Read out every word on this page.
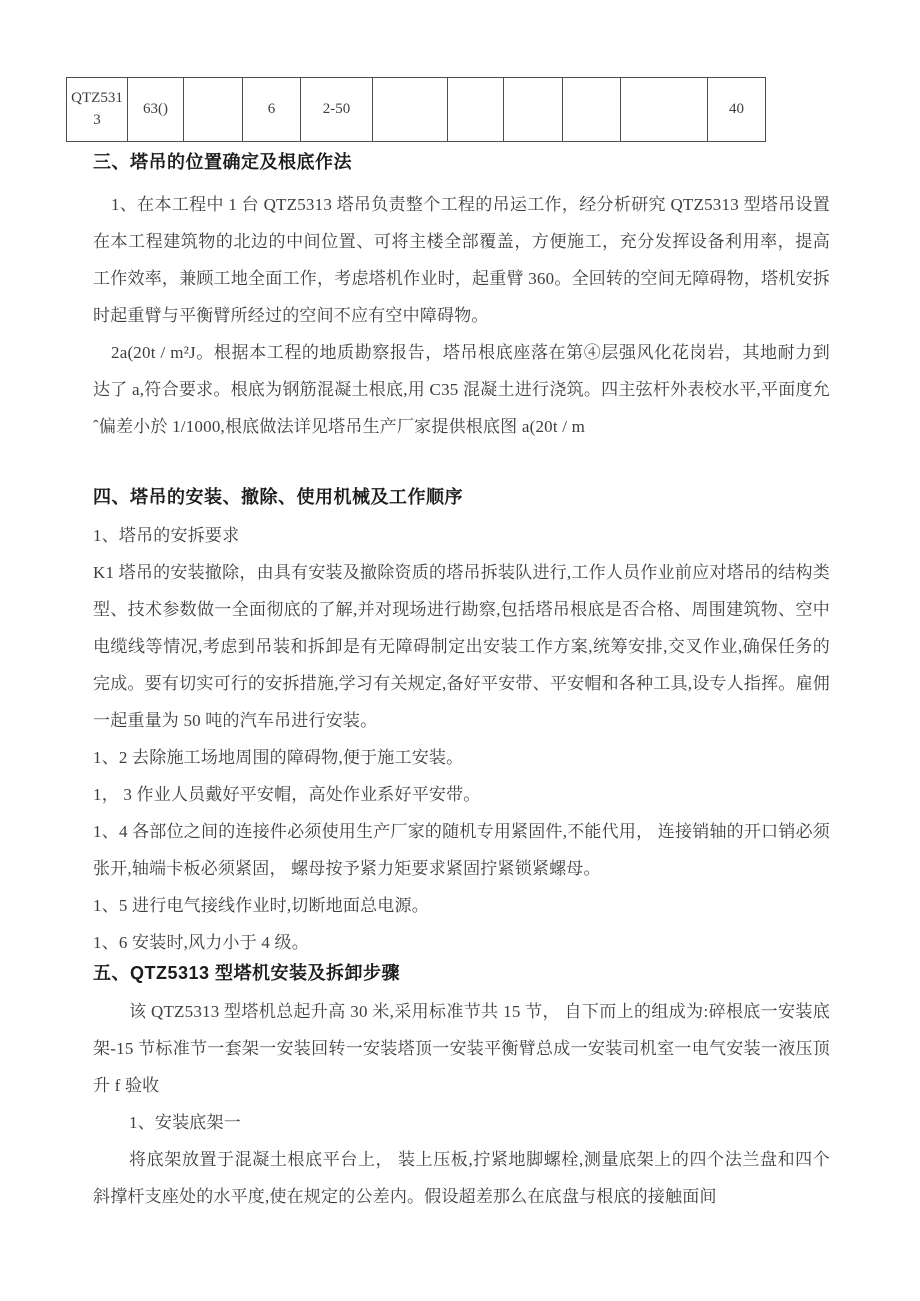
QTZ5313	63()		6	2-50						40
三、塔吊的位置确定及根底作法

1、在本工程中 1 台 QTZ5313 塔吊负责整个工程的吊运工作，经分析研究 QTZ5313 型塔吊设置在本工程建筑物的北边的中间位置、可将主楼全部覆盖，方便施工，充分发挥设备利用率，提高工作效率，兼顾工地全面工作，考虑塔机作业时，起重臂 360。全回转的空间无障碍物，塔机安拆时起重臂与平衡臂所经过的空间不应有空中障碍物。

2a(20t / m²J。根据本工程的地质勘察报告，塔吊根底座落在第④层强风化花岗岩，其地耐力到达了 a,符合要求。根底为钢筋混凝土根底,用 C35 混凝土进行浇筑。四主弦杆外表校水平,平面度允ˆ偏差小於 1/1000,根底做法详见塔吊生产厂家提供根底图 a(20t / m

四、塔吊的安装、撤除、使用机械及工作顺序

1、塔吊的安拆要求

K1 塔吊的安装撤除，由具有安装及撤除资质的塔吊拆装队进行,工作人员作业前应对塔吊的结构类型、技术参数做一全面彻底的了解,并对现场进行勘察,包括塔吊根底是否合格、周围建筑物、空中电缆线等情况,考虑到吊装和拆卸是有无障碍制定出安装工作方案,统筹安排,交叉作业,确保任务的完成。要有切实可行的安拆措施,学习有关规定,备好平安带、平安帽和各种工具,设专人指挥。雇佣一起重量为 50 吨的汽车吊进行安装。

1、2 去除施工场地周围的障碍物,便于施工安装。

1， 3 作业人员戴好平安帽，高处作业系好平安带。

1、4 各部位之间的连接件必须使用生产厂家的随机专用紧固件,不能代用， 连接销轴的开口销必须张开,轴端卡板必须紧固， 螺母按予紧力矩要求紧固拧紧锁紧螺母。

1、5 进行电气接线作业时,切断地面总电源。

1、6 安装时,风力小于 4 级。

五、QTZ5313 型塔机安装及拆卸步骤

该 QTZ5313 型塔机总起升高 30 米,采用标准节共 15 节， 自下而上的组成为:碎根底一安装底架-15 节标准节一套架一安装回转一安装塔顶一安装平衡臂总成一安装司机室一电气安装一液压顶升 f 验收

1、安装底架一

将底架放置于混凝土根底平台上， 装上压板,拧紧地脚螺栓,测量底架上的四个法兰盘和四个斜撑杆支座处的水平度,使在规定的公差内。假设超差那么在底盘与根底的接触面间
